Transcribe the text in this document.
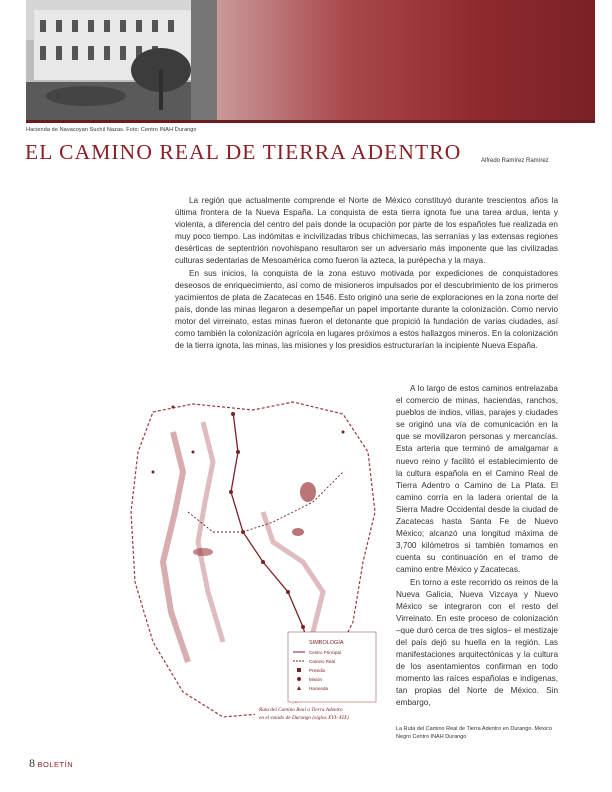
Hacienda de Navacoyan Suchil Nazas. Foto: Centro INAH Durango
EL CAMINO REAL DE TIERRA ADENTRO	Alfredo Ramírez Ramírez

La región que actualmente comprende el Norte de México constituyó durante trescientos años la última frontera de la Nueva España. La conquista de esta tierra ignota fue una tarea ardua, lenta y violenta, a diferencia del centro del país donde la ocupación por parte de los españoles fue realizada en muy poco tiempo. Las indómitas e incivilizadas tribus chichimecas, las serranías y las extensas regiones desérticas de septentrión novohispano resultaron ser un adversario más imponente que las civilizadas culturas sedentarias de Mesoamérica como fueron la azteca, la purépecha y la maya.

En sus inicios, la conquista de la zona estuvo motivada por expediciones de conquistadores deseosos de enriquecimiento, así como de misioneros impulsados por el descubrimiento de los primeros yacimientos de plata de Zacatecas en 1546. Esto originó una serie de exploraciones en la zona norte del país, donde las minas llegaron a desempeñar un papel importante durante la colonización. Como nervio motor del virreinato, estas minas fueron el detonante que propició la fundación de varias ciudades, así como también la colonización agrícola en lugares próximos a estos hallazgos mineros. En la colonización de la tierra ignota, las minas, las misiones y los presidios estructurarían la incipiente Nueva España.

A lo largo de estos caminos entrelazaba el comercio de minas, haciendas, ranchos, pueblos de indios, villas, parajes y ciudades se originó una vía de comunicación en la que se movilizaron personas y mercancías. Esta arteria que terminó de amalgamar a nuevo reino y facilitó el establecimiento de la cultura española en el Camino Real de Tierra Adentro o Camino de La Plata. El camino corría en la ladera oriental de la Sierra Madre Occidental desde la ciudad de Zacatecas hasta Santa Fe de Nuevo México; alcanzó una longitud máxima de 3,700 kilómetros si también tomamos en cuenta su continuación en el tramo de camino entre México y Zacatecas.

En torno a este recorrido os reinos de la Nueva Galicia, Nueva Vizcaya y Nuevo México se integraron con el resto del Virreinato. En este proceso de colonización –que duró cerca de tres siglos– el mestizaje del país dejó su huella en la región. Las manifestaciones arquitectónicas y la cultura de los asentamientos confirman en todo momento las raíces españolas e indígenas, tan propias del Norte de México. Sin embargo,

SIMBOLOGÍA
Centro Principal
Camino Real
Presidio
Misión
Hacienda
Ruta del Camino Real a Tierra Adentro
en el estado de Durango (siglos XVI–XIX)
La Ruta del Camino Real de Tierra Adentro en Durango. Mexico Negro Centro INAH Durango
8 BOLETÍN
